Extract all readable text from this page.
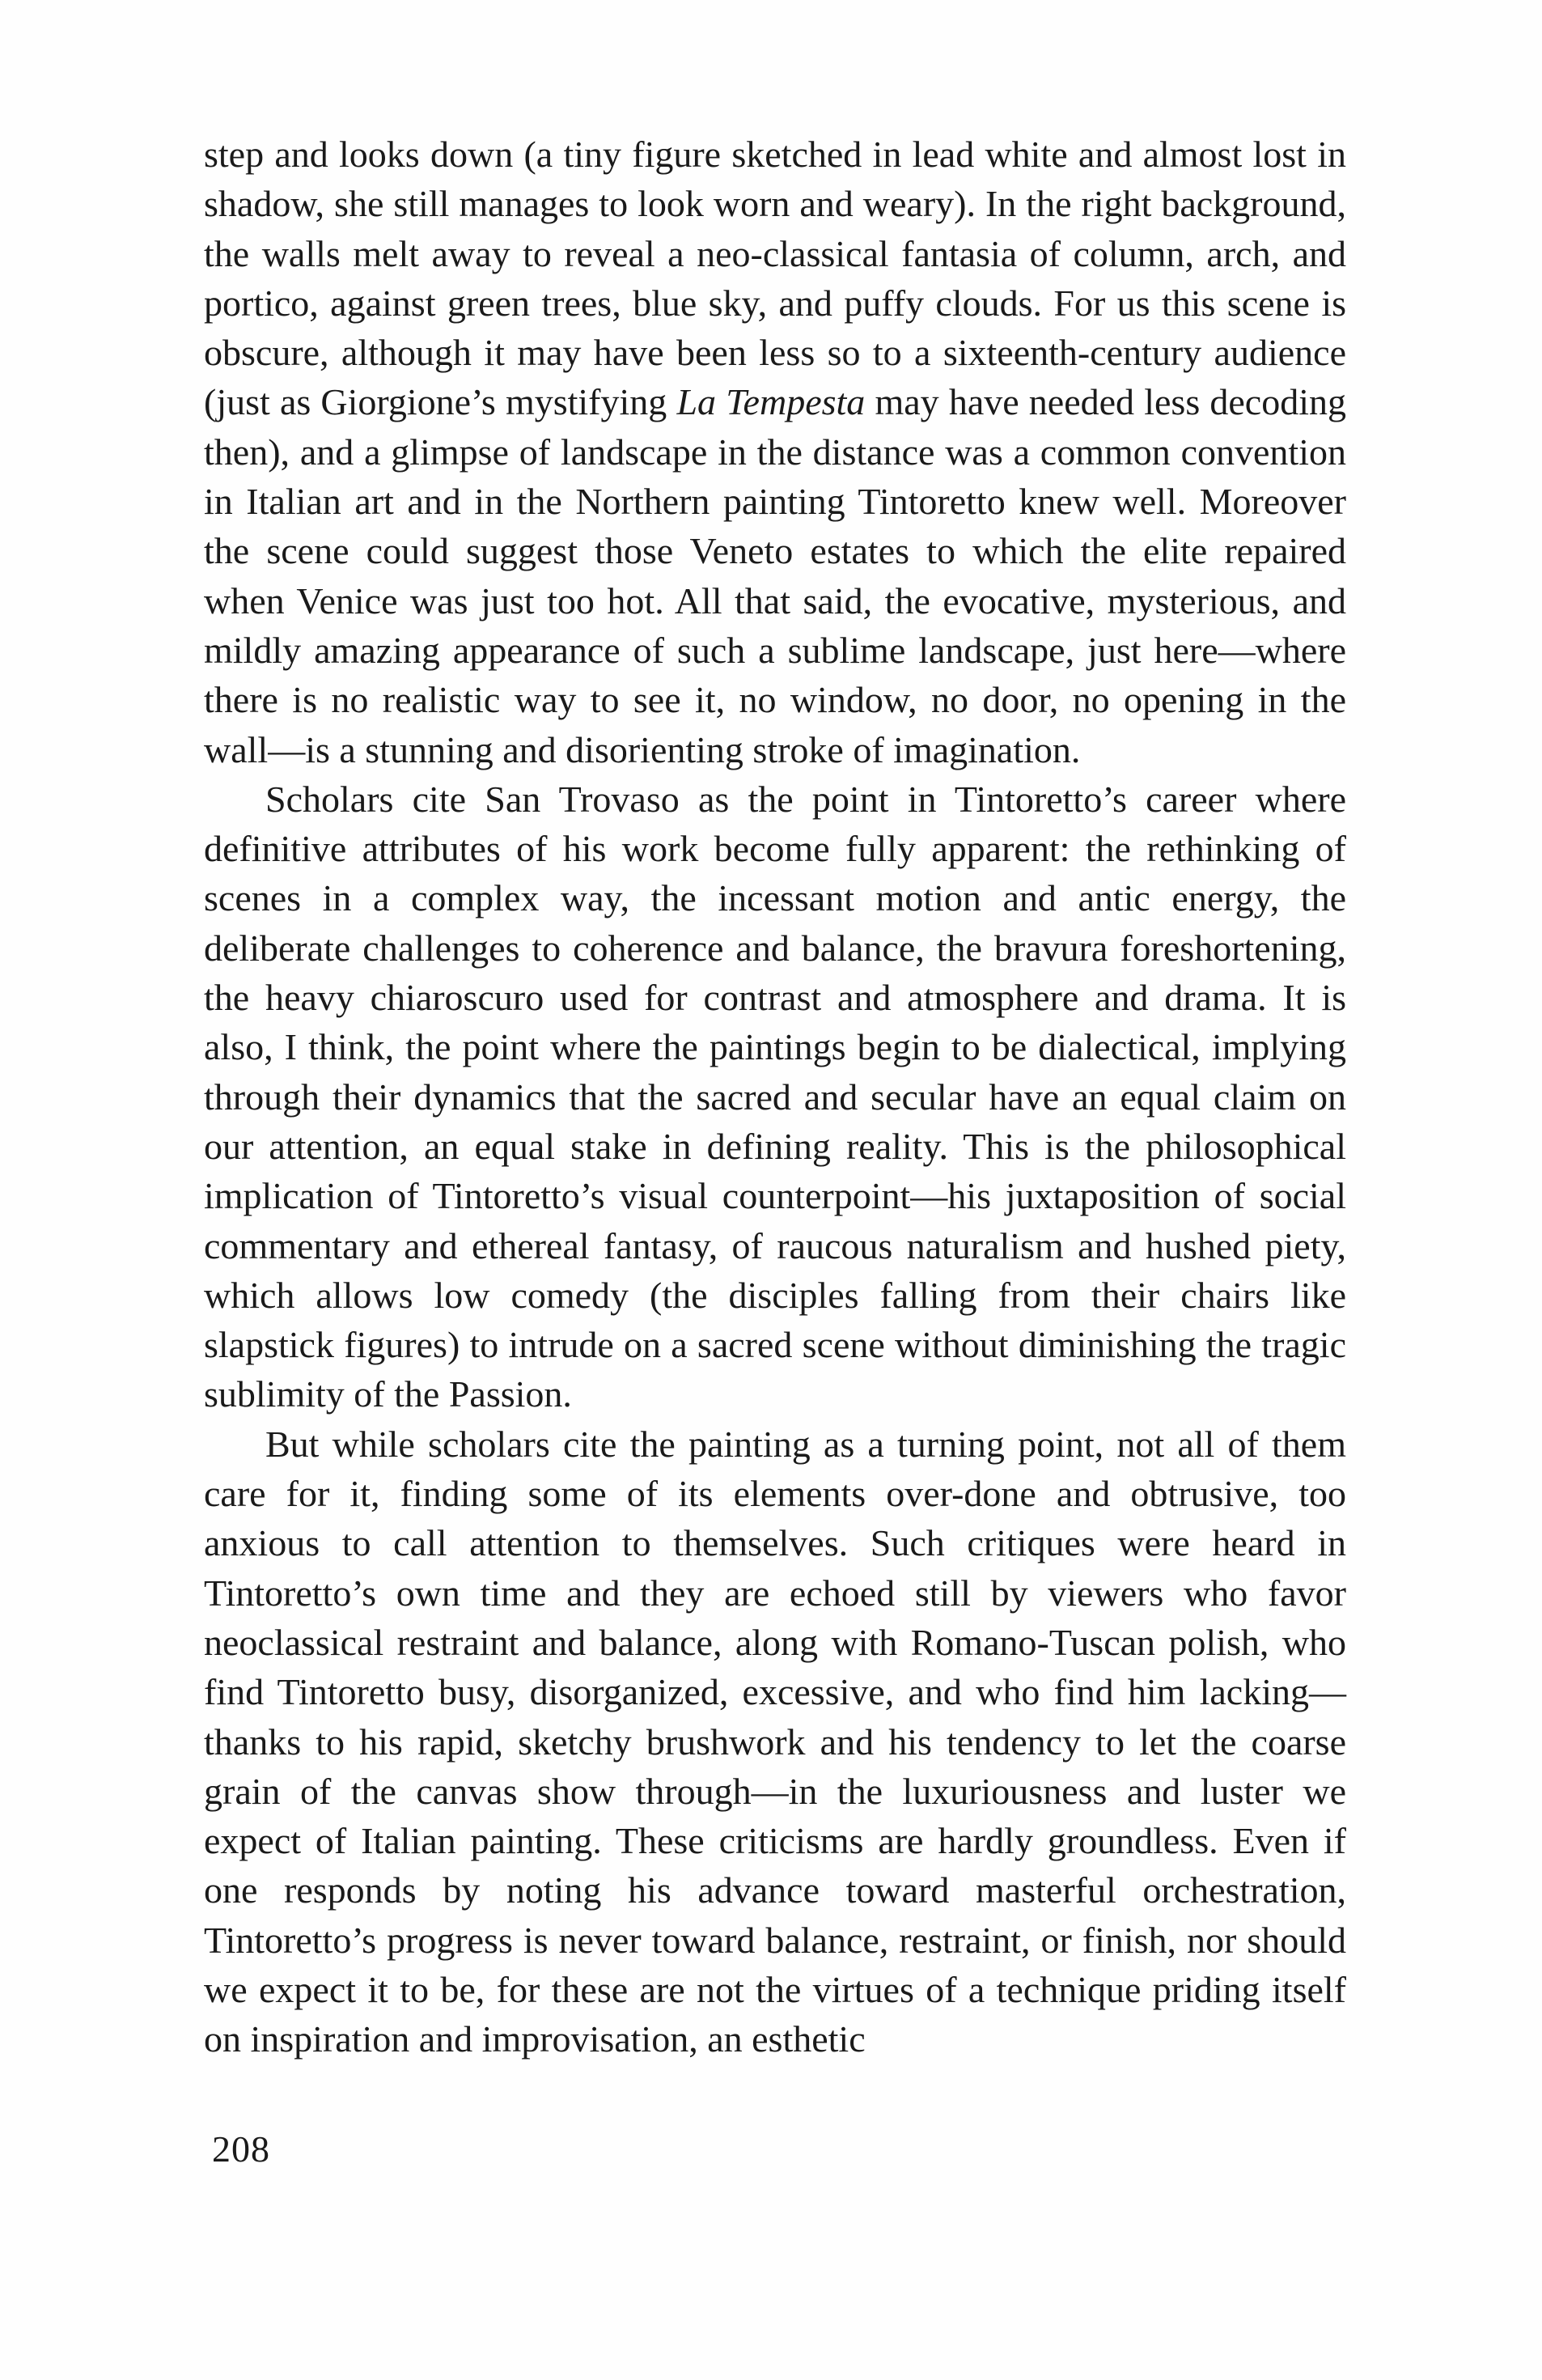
step and looks down (a tiny figure sketched in lead white and almost lost in shadow, she still manages to look worn and weary). In the right background, the walls melt away to reveal a neo-classical fantasia of column, arch, and portico, against green trees, blue sky, and puffy clouds. For us this scene is obscure, although it may have been less so to a sixteenth-century audience (just as Giorgione’s mystifying La Tempesta may have needed less decoding then), and a glimpse of landscape in the distance was a common convention in Italian art and in the Northern painting Tintoretto knew well. Moreover the scene could suggest those Veneto estates to which the elite repaired when Venice was just too hot. All that said, the evocative, mysterious, and mildly amazing appearance of such a sublime landscape, just here—where there is no realistic way to see it, no window, no door, no opening in the wall—is a stunning and disorienting stroke of imagination.

Scholars cite San Trovaso as the point in Tintoretto’s career where definitive attributes of his work become fully apparent: the rethinking of scenes in a complex way, the incessant motion and antic energy, the deliberate challenges to coherence and balance, the bravura foreshortening, the heavy chiaroscuro used for contrast and atmosphere and drama. It is also, I think, the point where the paintings begin to be dialectical, implying through their dynamics that the sacred and secular have an equal claim on our attention, an equal stake in defining reality. This is the philosophical implication of Tintoretto’s visual counterpoint—his juxtaposition of social commentary and ethereal fantasy, of raucous naturalism and hushed piety, which allows low comedy (the disciples falling from their chairs like slapstick figures) to intrude on a sacred scene without diminishing the tragic sublimity of the Passion.

But while scholars cite the painting as a turning point, not all of them care for it, finding some of its elements over-done and obtrusive, too anxious to call attention to themselves. Such critiques were heard in Tintoretto’s own time and they are echoed still by viewers who favor neoclassical restraint and balance, along with Romano-Tuscan polish, who find Tintoretto busy, disorganized, excessive, and who find him lacking—thanks to his rapid, sketchy brushwork and his tendency to let the coarse grain of the canvas show through—in the luxuriousness and luster we expect of Italian painting. These criticisms are hardly groundless. Even if one responds by noting his advance toward masterful orchestration, Tintoretto’s progress is never toward balance, restraint, or finish, nor should we expect it to be, for these are not the virtues of a technique priding itself on inspiration and improvisation, an esthetic

208
